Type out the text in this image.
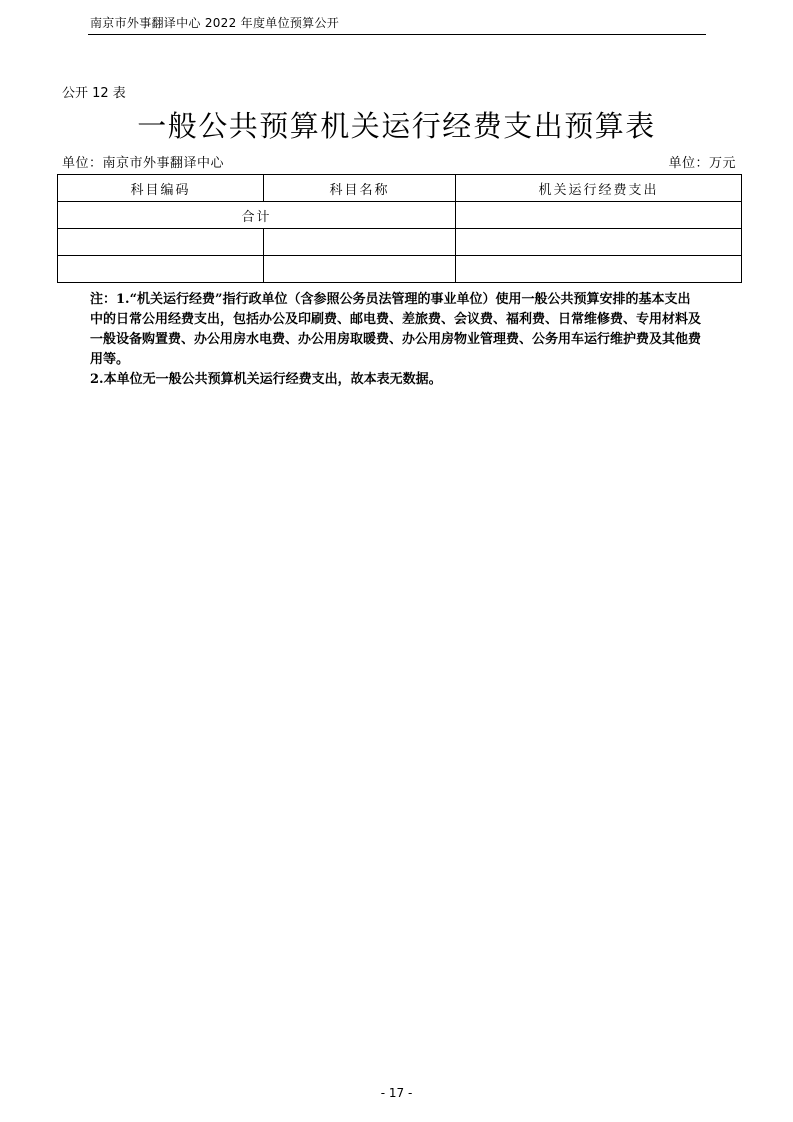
南京市外事翻译中心 2022 年度单位预算公开
公开 12 表
一般公共预算机关运行经费支出预算表
单位：南京市外事翻译中心	单位：万元
科目编码	科目名称	机关运行经费支出
合计		

注：1.“机关运行经费”指行政单位（含参照公务员法管理的事业单位）使用一般公共预算安排的基本支出中的日常公用经费支出，包括办公及印刷费、邮电费、差旅费、会议费、福利费、日常维修费、专用材料及一般设备购置费、办公用房水电费、办公用房取暖费、办公用房物业管理费、公务用车运行维护费及其他费用等。

2.本单位无一般公共预算机关运行经费支出，故本表无数据。

- 17 -
